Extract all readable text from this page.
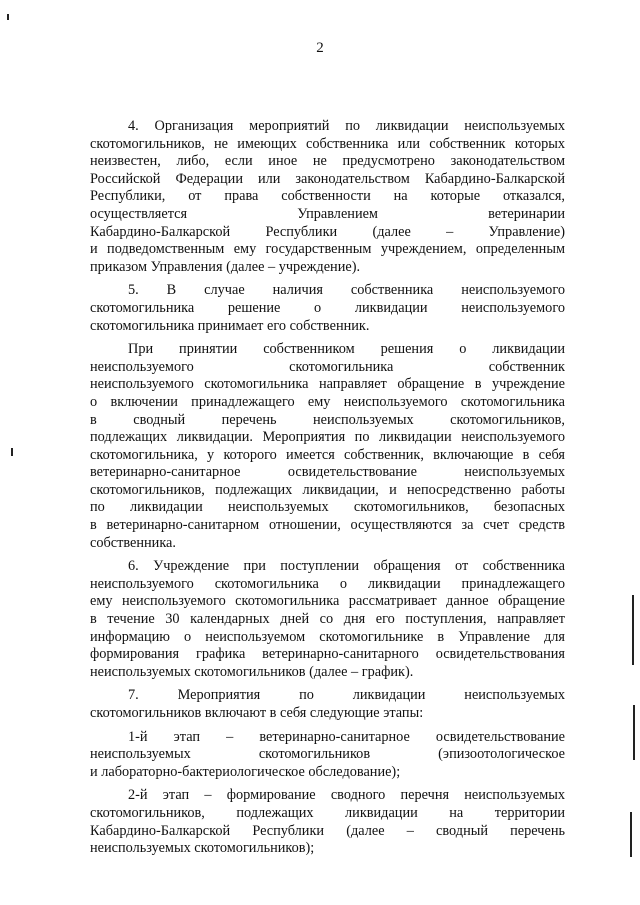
2
4. Организация мероприятий по ликвидации неиспользуемых
скотомогильников, не имеющих собственника или собственник которых
неизвестен, либо, если иное не предусмотрено законодательством
Российской Федерации или законодательством Кабардино-Балкарской
Республики, от права собственности на которые отказался,
осуществляется Управлением ветеринарии
Кабардино-Балкарской Республики (далее – Управление)
и подведомственным ему государственным учреждением, определенным
приказом Управления (далее – учреждение).
5. В случае наличия собственника неиспользуемого
скотомогильника решение о ликвидации неиспользуемого
скотомогильника принимает его собственник.
При принятии собственником решения о ликвидации
неиспользуемого скотомогильника собственник
неиспользуемого скотомогильника направляет обращение в учреждение
о включении принадлежащего ему неиспользуемого скотомогильника
в сводный перечень неиспользуемых скотомогильников,
подлежащих ликвидации. Мероприятия по ликвидации неиспользуемого
скотомогильника, у которого имеется собственник, включающие в себя
ветеринарно-санитарное освидетельствование неиспользуемых
скотомогильников, подлежащих ликвидации, и непосредственно работы
по ликвидации неиспользуемых скотомогильников, безопасных
в ветеринарно-санитарном отношении, осуществляются за счет средств
собственника.
6. Учреждение при поступлении обращения от собственника
неиспользуемого скотомогильника о ликвидации принадлежащего
ему неиспользуемого скотомогильника рассматривает данное обращение
в течение 30 календарных дней со дня его поступления, направляет
информацию о неиспользуемом скотомогильнике в Управление для
формирования графика ветеринарно-санитарного освидетельствования
неиспользуемых скотомогильников (далее – график).
7. Мероприятия по ликвидации неиспользуемых
скотомогильников включают в себя следующие этапы:
1-й этап – ветеринарно-санитарное освидетельствование
неиспользуемых скотомогильников (эпизоотологическое
и лабораторно-бактериологическое обследование);
2-й этап – формирование сводного перечня неиспользуемых
скотомогильников, подлежащих ликвидации на территории
Кабардино-Балкарской Республики (далее – сводный перечень
неиспользуемых скотомогильников);
